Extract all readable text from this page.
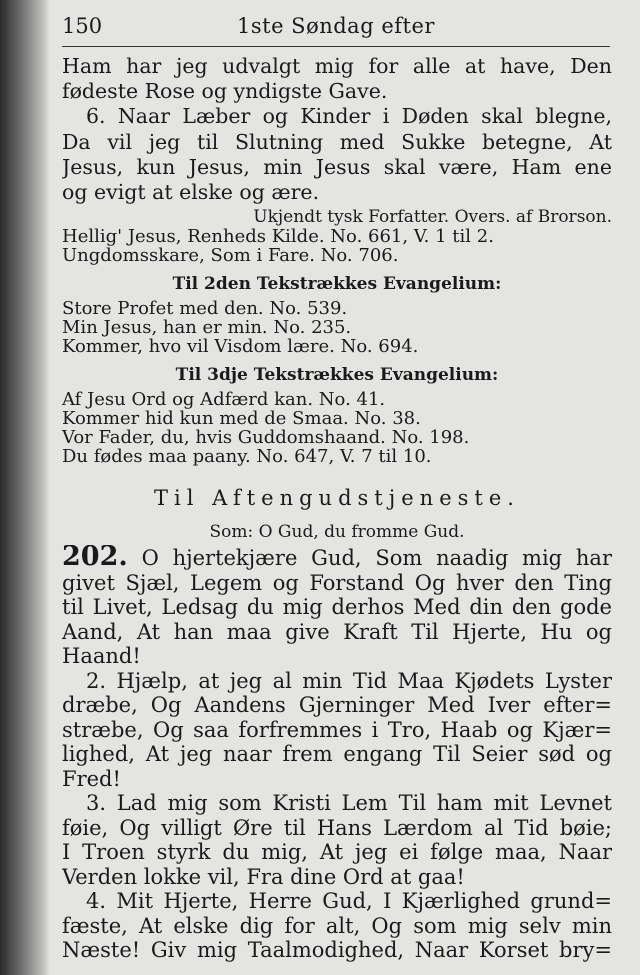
150	1ste Søndag efter
Ham har jeg udvalgt mig for alle at have, Den
fødeste Rose og yndigste Gave.
6. Naar Læber og Kinder i Døden skal blegne,
Da vil jeg til Slutning med Sukke betegne, At
Jesus, kun Jesus, min Jesus skal være, Ham ene
og evigt at elske og ære.
Ukjendt tysk Forfatter. Overs. af Brorson.
Hellig' Jesus, Renheds Kilde. No. 661, V. 1 til 2.
Ungdomsskare, Som i Fare. No. 706.
Til 2den Tekstrækkes Evangelium:
Store Profet med den. No. 539.
Min Jesus, han er min. No. 235.
Kommer, hvo vil Visdom lære. No. 694.
Til 3dje Tekstrækkes Evangelium:
Af Jesu Ord og Adfærd kan. No. 41.
Kommer hid kun med de Smaa. No. 38.
Vor Fader, du, hvis Guddomshaand. No. 198.
Du fødes maa paany. No. 647, V. 7 til 10.
Til Aftengudstjeneste.
Som: O Gud, du fromme Gud.
202. O hjertekjære Gud, Som naadig mig har
givet Sjæl, Legem og Forstand Og hver den Ting
til Livet, Ledsag du mig derhos Med din den gode
Aand, At han maa give Kraft Til Hjerte, Hu og
Haand!
2. Hjælp, at jeg al min Tid Maa Kjødets Lyster
dræbe, Og Aandens Gjerninger Med Iver efter=
stræbe, Og saa forfremmes i Tro, Haab og Kjær=
lighed, At jeg naar frem engang Til Seier sød og
Fred!
3. Lad mig som Kristi Lem Til ham mit Levnet
føie, Og villigt Øre til Hans Lærdom al Tid bøie;
I Troen styrk du mig, At jeg ei følge maa, Naar
Verden lokke vil, Fra dine Ord at gaa!
4. Mit Hjerte, Herre Gud, I Kjærlighed grund=
fæste, At elske dig for alt, Og som mig selv min
Næste! Giv mig Taalmodighed, Naar Korset bry=
